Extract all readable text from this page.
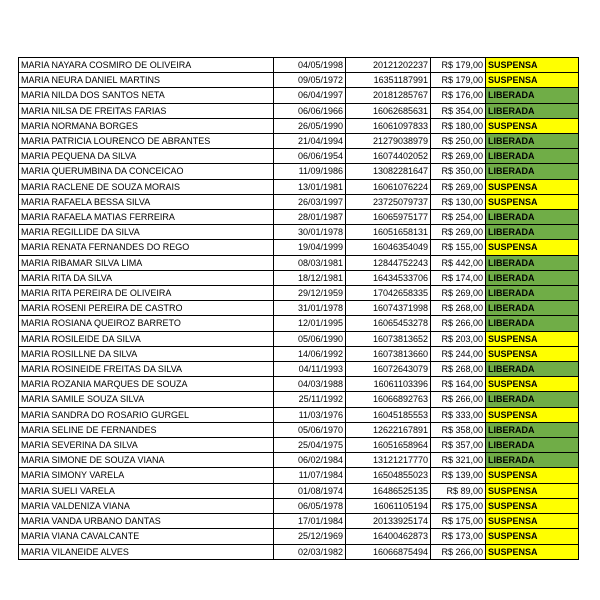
MARIA NAYARA COSMIRO DE OLIVEIRA	04/05/1998	20121202237	R$ 179,00	SUSPENSA
MARIA NEURA DANIEL MARTINS	09/05/1972	16351187991	R$ 179,00	SUSPENSA
MARIA NILDA DOS SANTOS NETA	06/04/1997	20181285767	R$ 176,00	LIBERADA
MARIA NILSA DE FREITAS FARIAS	06/06/1966	16062685631	R$ 354,00	LIBERADA
MARIA NORMANA BORGES	26/05/1990	16061097833	R$ 180,00	SUSPENSA
MARIA PATRICIA LOURENCO DE ABRANTES	21/04/1994	21279038979	R$ 250,00	LIBERADA
MARIA PEQUENA DA SILVA	06/06/1954	16074402052	R$ 269,00	LIBERADA
MARIA QUERUMBINA DA CONCEICAO	11/09/1986	13082281647	R$ 350,00	LIBERADA
MARIA RACLENE DE SOUZA MORAIS	13/01/1981	16061076224	R$ 269,00	SUSPENSA
MARIA RAFAELA BESSA SILVA	26/03/1997	23725079737	R$ 130,00	SUSPENSA
MARIA RAFAELA MATIAS FERREIRA	28/01/1987	16065975177	R$ 254,00	LIBERADA
MARIA REGILLIDE DA SILVA	30/01/1978	16051658131	R$ 269,00	LIBERADA
MARIA RENATA FERNANDES DO REGO	19/04/1999	16046354049	R$ 155,00	SUSPENSA
MARIA RIBAMAR SILVA LIMA	08/03/1981	12844752243	R$ 442,00	LIBERADA
MARIA RITA DA SILVA	18/12/1981	16434533706	R$ 174,00	LIBERADA
MARIA RITA PEREIRA DE OLIVEIRA	29/12/1959	17042658335	R$ 269,00	LIBERADA
MARIA ROSENI PEREIRA DE CASTRO	31/01/1978	16074371998	R$ 268,00	LIBERADA
MARIA ROSIANA QUEIROZ BARRETO	12/01/1995	16065453278	R$ 266,00	LIBERADA
MARIA ROSILEIDE DA SILVA	05/06/1990	16073813652	R$ 203,00	SUSPENSA
MARIA ROSILLNE DA SILVA	14/06/1992	16073813660	R$ 244,00	SUSPENSA
MARIA ROSINEIDE FREITAS DA SILVA	04/11/1993	16072643079	R$ 268,00	LIBERADA
MARIA ROZANIA MARQUES DE SOUZA	04/03/1988	16061103396	R$ 164,00	SUSPENSA
MARIA SAMILE SOUZA SILVA	25/11/1992	16066892763	R$ 266,00	LIBERADA
MARIA SANDRA DO ROSARIO GURGEL	11/03/1976	16045185553	R$ 333,00	SUSPENSA
MARIA SELINE DE FERNANDES	05/06/1970	12622167891	R$ 358,00	LIBERADA
MARIA SEVERINA DA SILVA	25/04/1975	16051658964	R$ 357,00	LIBERADA
MARIA SIMONE DE SOUZA VIANA	06/02/1984	13121217770	R$ 321,00	LIBERADA
MARIA SIMONY VARELA	11/07/1984	16504855023	R$ 139,00	SUSPENSA
MARIA SUELI VARELA	01/08/1974	16486525135	R$ 89,00	SUSPENSA
MARIA VALDENIZA VIANA	06/05/1978	16061105194	R$ 175,00	SUSPENSA
MARIA VANDA URBANO DANTAS	17/01/1984	20133925174	R$ 175,00	SUSPENSA
MARIA VIANA CAVALCANTE	25/12/1969	16400462873	R$ 173,00	SUSPENSA
MARIA VILANEIDE ALVES	02/03/1982	16066875494	R$ 266,00	SUSPENSA
